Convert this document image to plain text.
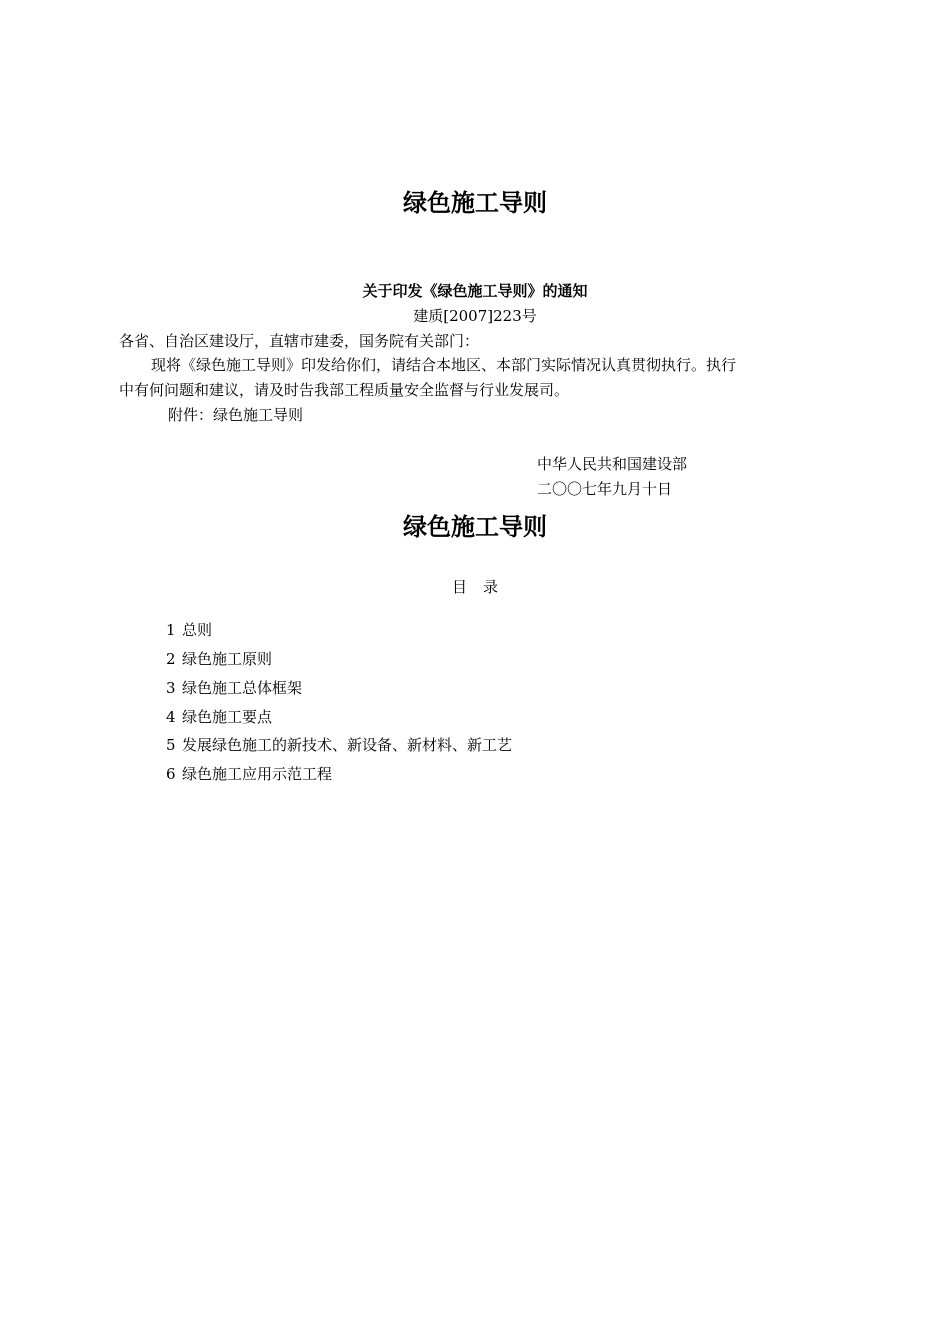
绿色施工导则
关于印发《绿色施工导则》的通知
建质[2007]223号
各省、自治区建设厅，直辖市建委，国务院有关部门：
现将《绿色施工导则》印发给你们，请结合本地区、本部门实际情况认真贯彻执行。执行
中有何问题和建议，请及时告我部工程质量安全监督与行业发展司。
附件：绿色施工导则
中华人民共和国建设部
二〇〇七年九月十日
绿色施工导则
目录
1 总则
2 绿色施工原则
3 绿色施工总体框架
4 绿色施工要点
5 发展绿色施工的新技术、新设备、新材料、新工艺
6 绿色施工应用示范工程
